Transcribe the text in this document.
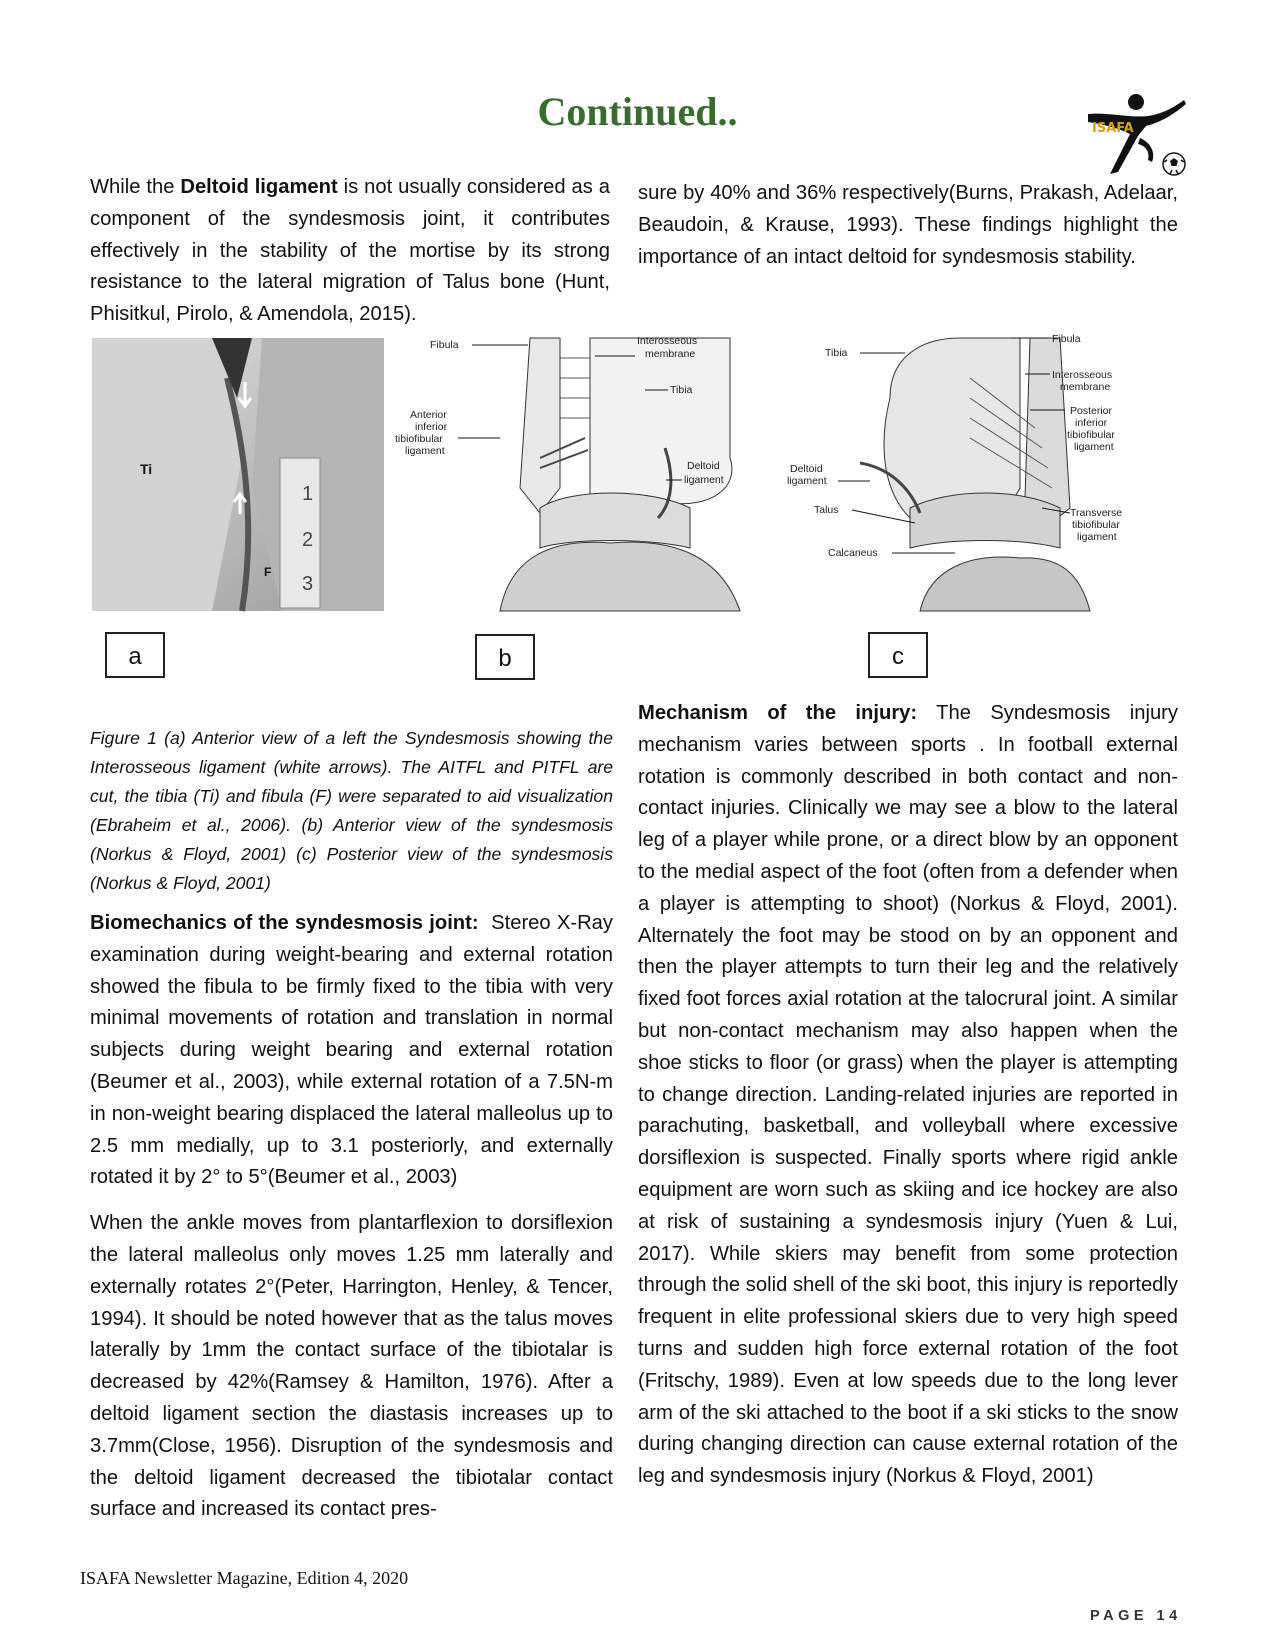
Continued..	ISAFA

While the Deltoid ligament is not usually considered as a component of the syndesmosis joint, it contributes effectively in the stability of the mortise by its strong resistance to the lateral migration of Talus bone (Hunt, Phisitkul, Pirolo, & Amendola, 2015).

sure by 40% and 36% respectively(Burns, Prakash, Adelaar, Beaudoin, & Krause, 1993). These findings highlight the importance of an intact deltoid for syndesmosis stability.

1
2
3
Ti
F
Fibula	Interosseous
membrane
Tibia
Anterior
inferior
tibiofibular
ligament
Deltoid
ligament
Fibula
Tibia
Interosseous
membrane
Posterior
inferior
tibiofibular
ligament
Deltoid
ligament
Talus
Calcaneus
Transverse
tibiofibular
ligament
a	b	c

Figure 1 (a) Anterior view of a left the Syndesmosis showing the Interosseous ligament (white arrows). The AITFL and PITFL are cut, the tibia (Ti) and fibula (F) were separated to aid visualization (Ebraheim et al., 2006). (b) Anterior view of the syndesmosis (Norkus & Floyd, 2001) (c) Posterior view of the syndesmosis (Norkus & Floyd, 2001)

Biomechanics of the syndesmosis joint: Stereo X-Ray examination during weight-bearing and external rotation showed the fibula to be firmly fixed to the tibia with very minimal movements of rotation and translation in normal subjects during weight bearing and external rotation (Beumer et al., 2003), while external rotation of a 7.5N-m in non-weight bearing displaced the lateral malleolus up to 2.5 mm medially, up to 3.1 posteriorly, and externally rotated it by 2° to 5°(Beumer et al., 2003)

When the ankle moves from plantarflexion to dorsiflexion the lateral malleolus only moves 1.25 mm laterally and externally rotates 2°(Peter, Harrington, Henley, & Tencer, 1994). It should be noted however that as the talus moves laterally by 1mm the contact surface of the tibiotalar is decreased by 42%(Ramsey & Hamilton, 1976). After a deltoid ligament section the diastasis increases up to 3.7mm(Close, 1956). Disruption of the syndesmosis and the deltoid ligament decreased the tibiotalar contact surface and increased its contact pres-

Mechanism of the injury: The Syndesmosis injury mechanism varies between sports . In football external rotation is commonly described in both contact and non-contact injuries. Clinically we may see a blow to the lateral leg of a player while prone, or a direct blow by an opponent to the medial aspect of the foot (often from a defender when a player is attempting to shoot) (Norkus & Floyd, 2001). Alternately the foot may be stood on by an opponent and then the player attempts to turn their leg and the relatively fixed foot forces axial rotation at the talocrural joint. A similar but non-contact mechanism may also happen when the shoe sticks to floor (or grass) when the player is attempting to change direction. Landing-related injuries are reported in parachuting, basketball, and volleyball where excessive dorsiflexion is suspected. Finally sports where rigid ankle equipment are worn such as skiing and ice hockey are also at risk of sustaining a syndesmosis injury (Yuen & Lui, 2017). While skiers may benefit from some protection through the solid shell of the ski boot, this injury is reportedly frequent in elite professional skiers due to very high speed turns and sudden high force external rotation of the foot (Fritschy, 1989). Even at low speeds due to the long lever arm of the ski attached to the boot if a ski sticks to the snow during changing direction can cause external rotation of the leg and syndesmosis injury (Norkus & Floyd, 2001)

ISAFA Newsletter Magazine, Edition 4, 2020
PAGE 14
